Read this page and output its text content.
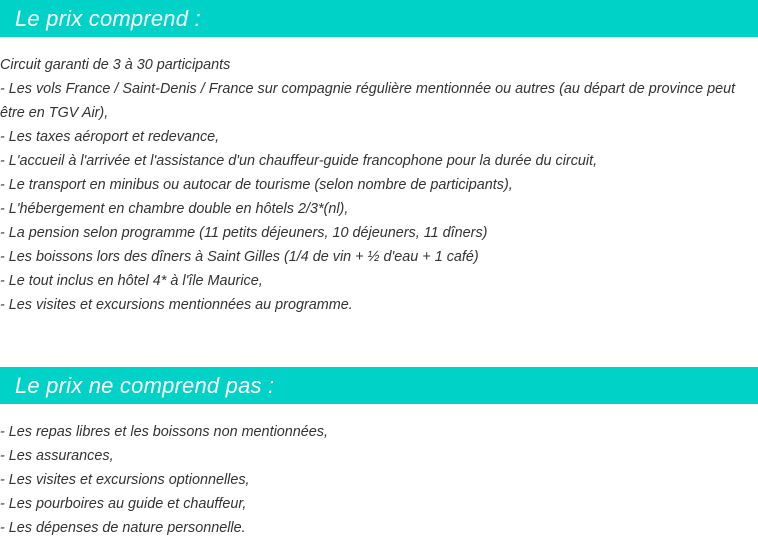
Le prix comprend :

Circuit garanti de 3 à 30 participants

- Les vols France / Saint-Denis / France sur compagnie régulière mentionnée ou autres (au départ de province peut être en TGV Air),

- Les taxes aéroport et redevance,

- L'accueil à l'arrivée et l'assistance d'un chauffeur-guide francophone pour la durée du circuit,

- Le transport en minibus ou autocar de tourisme (selon nombre de participants),

- L'hébergement en chambre double en hôtels 2/3*(nl),

- La pension selon programme (11 petits déjeuners, 10 déjeuners, 11 dîners)

- Les boissons lors des dîners à Saint Gilles (1/4 de vin + ½ d'eau + 1 café)

- Le tout inclus en hôtel 4* à l'île Maurice,

- Les visites et excursions mentionnées au programme.

Le prix ne comprend pas :

- Les repas libres et les boissons non mentionnées,

- Les assurances,

- Les visites et excursions optionnelles,

- Les pourboires au guide et chauffeur,

- Les dépenses de nature personnelle.
